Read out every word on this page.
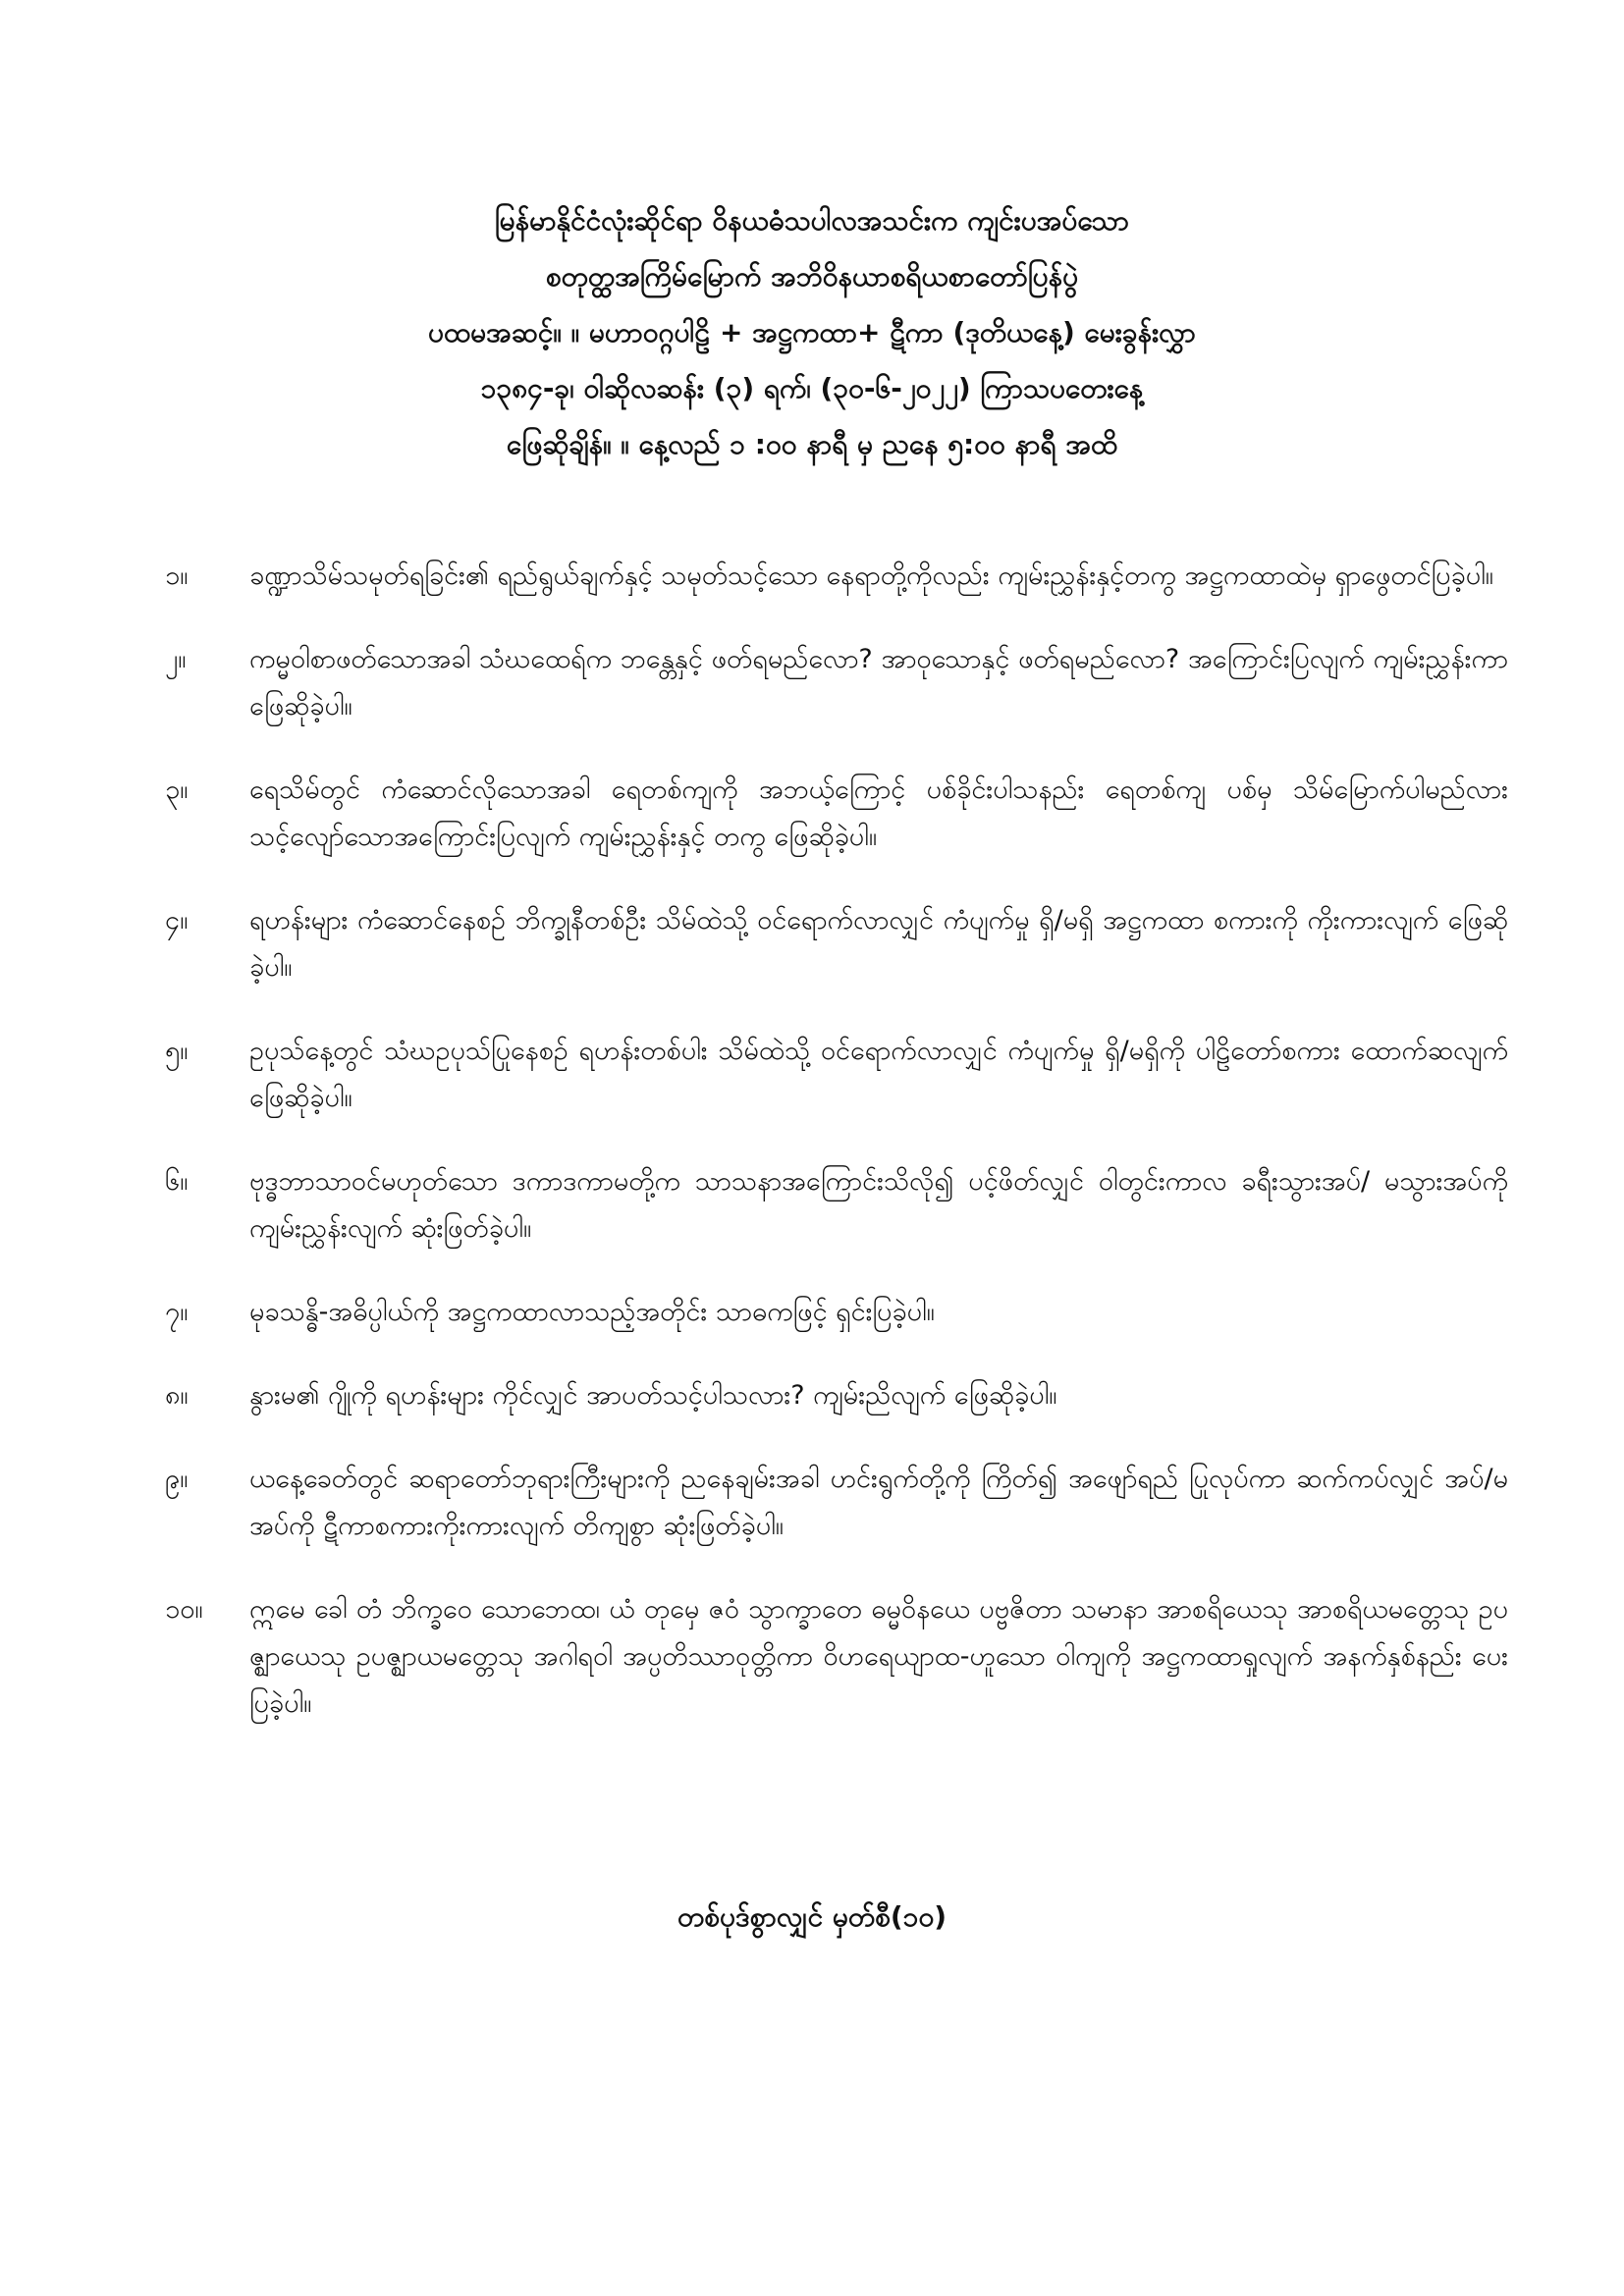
မြန်မာနိုင်ငံလုံးဆိုင်ရာ ဝိနယဓံသပါလအသင်းက ကျင်းပအပ်သော
စတုတ္ထအကြိမ်မြောက် အဘိဝိနယာစရိယစာတော်ပြန်ပွဲ
ပထမအဆင့်။ ။ မဟာဝဂ္ဂပါဠိ + အဋ္ဌကထာ+ ဋီကာ (ဒုတိယနေ့) မေးခွန်းလွှာ
၁၃၈၄-ခု၊ ဝါဆိုလဆန်း (၃) ရက်၊ (၃၀-၆-၂၀၂၂) ကြာသပတေးနေ့
ဖြေဆိုချိန်။ ။ နေ့လည် ၁ :၀၀ နာရီ မှ ညနေ ၅:၀၀ နာရီ အထိ
၁။	ခဏ္ဍာသိမ်သမုတ်ရခြင်း၏ ရည်ရွယ်ချက်နှင့် သမုတ်သင့်သော နေရာတို့ကိုလည်း ကျမ်းညွှန်းနှင့်တကွ အဋ္ဌကထာထဲမှ ရှာဖွေတင်ပြခဲ့ပါ။
၂။	ကမ္မဝါစာဖတ်သောအခါ သံဃထေရ်က ဘန္တေနှင့် ဖတ်ရမည်လော? အာဝုသောနှင့် ဖတ်ရမည်လော? အကြောင်းပြလျက် ကျမ်းညွှန်းကာ ဖြေဆိုခဲ့ပါ။
၃။	ရေသိမ်တွင် ကံဆောင်လိုသောအခါ ရေတစ်ကျကို အဘယ့်ကြောင့် ပစ်ခိုင်းပါသနည်း ရေတစ်ကျ ပစ်မှ သိမ်မြောက်ပါမည်လား သင့်လျော်သောအကြောင်းပြလျက် ကျမ်းညွှန်းနှင့် တကွ ဖြေဆိုခဲ့ပါ။
၄။	ရဟန်းများ ကံဆောင်နေစဉ် ဘိက္ခုနီတစ်ဦး သိမ်ထဲသို့ ဝင်ရောက်လာလျှင် ကံပျက်မှု ရှိ/မရှိ အဋ္ဌကထာ စကားကို ကိုးကားလျက် ဖြေဆိုခဲ့ပါ။
၅။	ဥပုသ်နေ့တွင် သံဃဥပုသ်ပြုနေစဉ် ရဟန်းတစ်ပါး သိမ်ထဲသို့ ဝင်ရောက်လာလျှင် ကံပျက်မှု ရှိ/မရှိကို ပါဠိတော်စကား ထောက်ဆလျက် ဖြေဆိုခဲ့ပါ။
၆။	ဗုဒ္ဓဘာသာဝင်မဟုတ်သော ဒကာဒကာမတို့က သာသနာအကြောင်းသိလို၍ ပင့်ဖိတ်လျှင် ဝါတွင်းကာလ ခရီးသွားအပ်/ မသွားအပ်ကို ကျမ်းညွှန်းလျက် ဆုံးဖြတ်ခဲ့ပါ။
၇။	မုခသန္ဓိ-အဓိပ္ပါယ်ကို အဋ္ဌကထာလာသည့်အတိုင်း သာဓကဖြင့် ရှင်းပြခဲ့ပါ။
၈။	နွားမ၏ ဂျိုကို ရဟန်းများ ကိုင်လျှင် အာပတ်သင့်ပါသလား? ကျမ်းညိလျက် ဖြေဆိုခဲ့ပါ။
၉။	ယနေ့ခေတ်တွင် ဆရာတော်ဘုရားကြီးများကို ညနေချမ်းအခါ ဟင်းရွက်တို့ကို ကြိတ်၍ အဖျော်ရည် ပြုလုပ်ကာ ဆက်ကပ်လျှင် အပ်/မအပ်ကို ဋီကာစကားကိုးကားလျက် တိကျစွာ ဆုံးဖြတ်ခဲ့ပါ။
၁၀။	ဣမေ ခေါ တံ ဘိက္ခဝေ သောဘေထ၊ ယံ တုမှေ ဇဝံ သွာက္ခာတေ ဓမ္မဝိနယေ ပဗ္ဗဇိတာ သမာနာ အာစရိယေသု အာစရိယမတ္တေသု ဥပဇ္ဈာယေသု ဥပဇ္ဈာယမတ္တေသု အဂါရဝါ အပ္ပတိဿာဝုတ္တိကာ ဝိဟရေယျာထ-ဟူသော ဝါကျကို အဋ္ဌကထာရှုလျက် အနက်နှစ်နည်း ပေးပြခဲ့ပါ။
တစ်ပုဒ်စွာလျှင် မှတ်စီ(၁၀)
